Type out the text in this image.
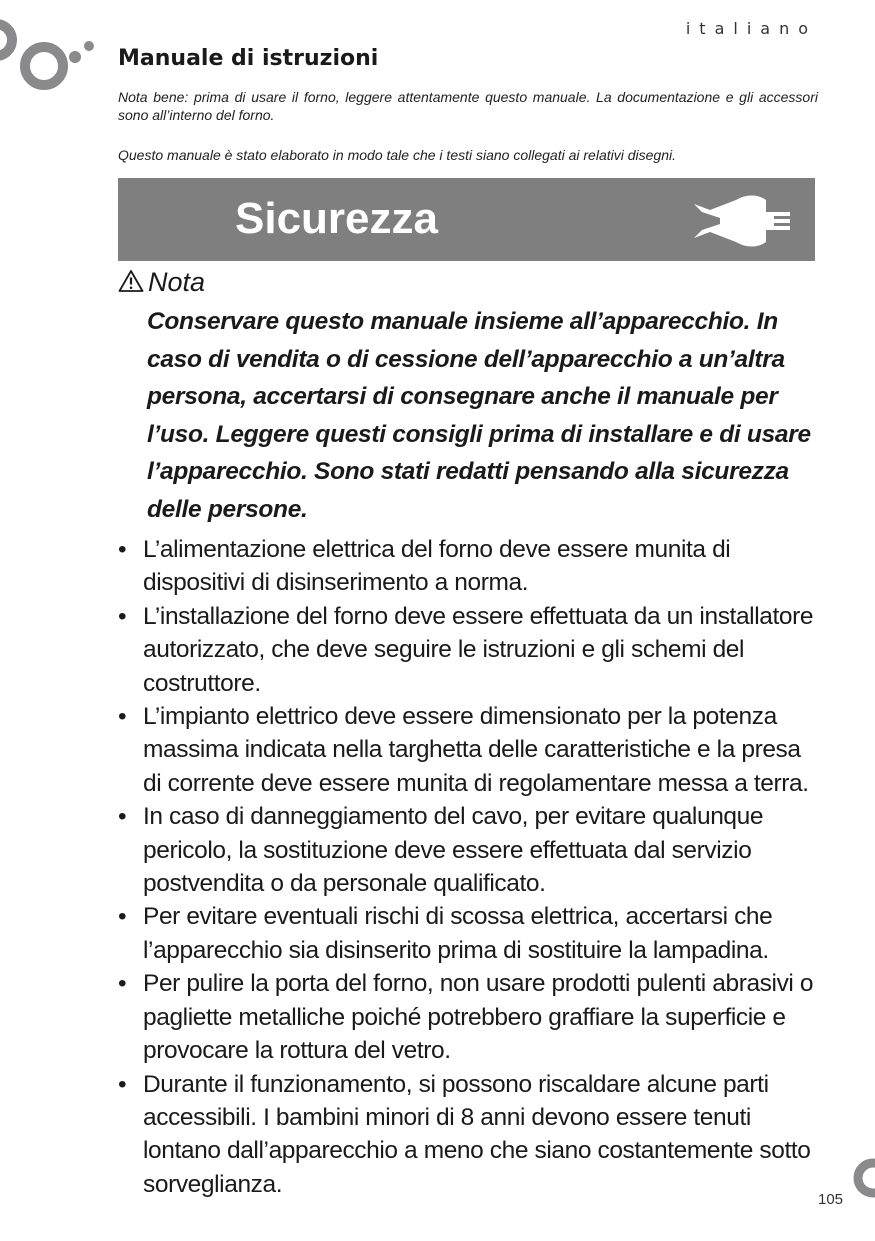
italiano
Manuale di istruzioni

Nota bene: prima di usare il forno, leggere attentamente questo manuale. La documentazione e gli accessori sono all’interno del forno.

Questo manuale è stato elaborato in modo tale che i testi siano collegati ai relativi disegni.

Sicurezza
Nota

Conservare questo manuale insieme all’apparecchio. In caso di vendita o di cessione dell’apparecchio a un’altra persona, accertarsi di consegnare anche il manuale per l’uso. Leggere questi consigli prima di installare e di usare l’apparecchio. Sono stati redatti pensando alla sicurezza delle persone.

• L’alimentazione elettrica del forno deve essere munita di dispositivi di disinserimento a norma.
• L’installazione del forno deve essere effettuata da un installatore autorizzato, che deve seguire le istruzioni e gli schemi del costruttore.
• L’impianto elettrico deve essere dimensionato per la potenza massima indicata nella targhetta delle caratteristiche e la presa di corrente deve essere munita di regolamentare messa a terra.
• In caso di danneggiamento del cavo, per evitare qualunque pericolo, la sostituzione deve essere effettuata dal servizio postvendita o da personale qualificato.
• Per evitare eventuali rischi di scossa elettrica, accertarsi che l’apparecchio sia disinserito prima di sostituire la lampadina.
• Per pulire la porta del forno, non usare prodotti pulenti abrasivi o pagliette metalliche poiché potrebbero graffiare la superficie e provocare la rottura del vetro.
• Durante il funzionamento, si possono riscaldare alcune parti accessibili. I bambini minori di 8 anni devono essere tenuti lontano dall’apparecchio a meno che siano costantemente sotto sorveglianza.
105
